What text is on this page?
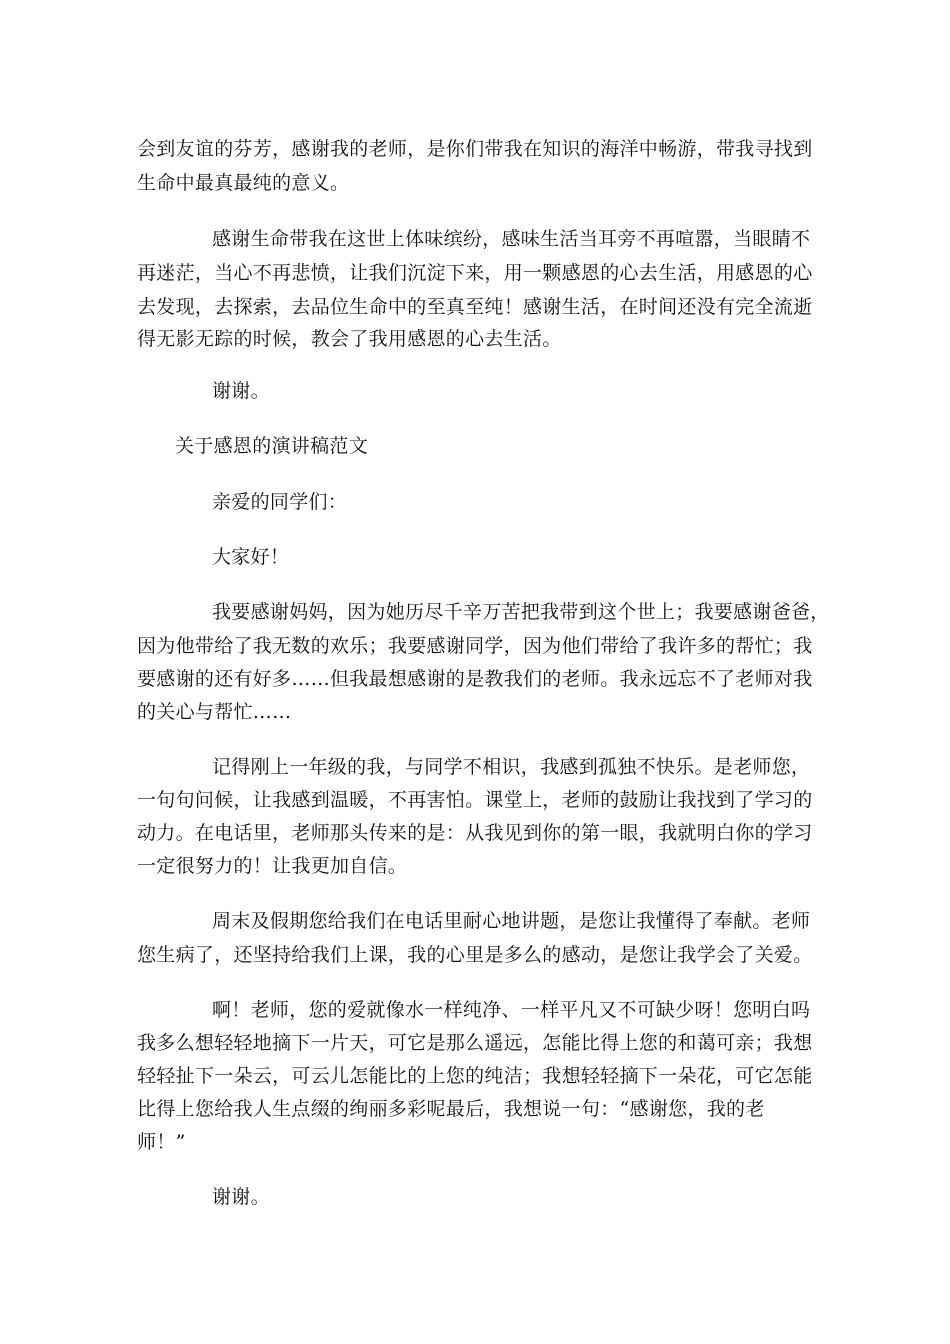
会到友谊的芬芳，感谢我的老师，是你们带我在知识的海洋中畅游，带我寻找到
生命中最真最纯的意义。
感谢生命带我在这世上体味缤纷，感味生活当耳旁不再喧嚣，当眼睛不
再迷茫，当心不再悲愤，让我们沉淀下来，用一颗感恩的心去生活，用感恩的心
去发现，去探索，去品位生命中的至真至纯！感谢生活，在时间还没有完全流逝
得无影无踪的时候，教会了我用感恩的心去生活。
谢谢。
关于感恩的演讲稿范文
亲爱的同学们：
大家好！
我要感谢妈妈，因为她历尽千辛万苦把我带到这个世上；我要感谢爸爸，
因为他带给了我无数的欢乐；我要感谢同学，因为他们带给了我许多的帮忙；我
要感谢的还有好多……但我最想感谢的是教我们的老师。我永远忘不了老师对我
的关心与帮忙……
记得刚上一年级的我，与同学不相识，我感到孤独不快乐。是老师您，
一句句问候，让我感到温暖，不再害怕。课堂上，老师的鼓励让我找到了学习的
动力。在电话里，老师那头传来的是：从我见到你的第一眼，我就明白你的学习
一定很努力的！让我更加自信。
周末及假期您给我们在电话里耐心地讲题，是您让我懂得了奉献。老师
您生病了，还坚持给我们上课，我的心里是多么的感动，是您让我学会了关爱。
啊！老师，您的爱就像水一样纯净、一样平凡又不可缺少呀！您明白吗
我多么想轻轻地摘下一片天，可它是那么遥远，怎能比得上您的和蔼可亲；我想
轻轻扯下一朵云，可云儿怎能比的上您的纯洁；我想轻轻摘下一朵花，可它怎能
比得上您给我人生点缀的绚丽多彩呢最后，我想说一句：“感谢您，我的老
师！”
谢谢。
